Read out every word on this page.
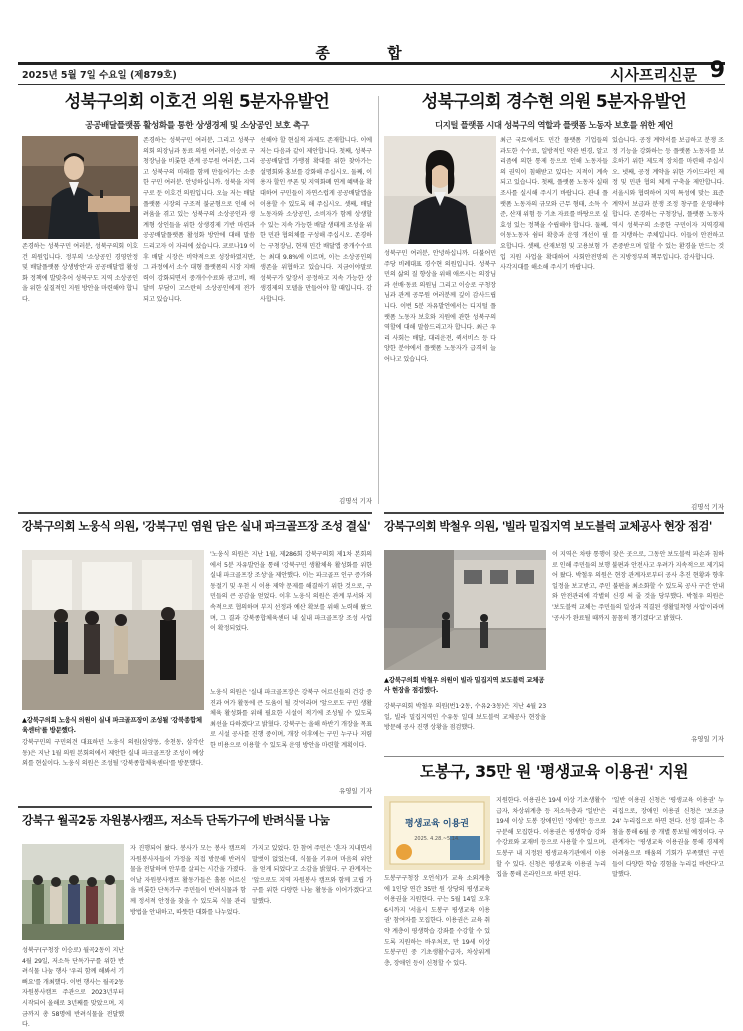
종 합
2025년 5월 7일 수요일 (제879호)	시사프리신문 9
성북구의회 이호건 의원 5분자유발언
공공배달플랫폼 활성화를 통한 상생경제 및 소상공인 보호 촉구
존경하는 성북구민 여러분, 성북구의회 이호건 의원입니다. 정부의 '소상공인 경영안정 및 배달플랫폼 상생방안'과 공공배달앱 활성화 정책에 발맞추어 성북구도 지역 소상공인을 위한 실질적인 지원 방안을 마련해야 합니다.
존경하는 성북구민 여러분, 그리고 성북구의회 의장님과 동료 의원 여러분, 이승로 구청장님을 비롯한 관계 공무원 여러분, 그리고 성북구의 미래를 함께 만들어가는 소중한 구민 여러분. 안녕하십니까. 성북을 지역구로 둔 이호건 의원입니다. 오늘 저는 배달플랫폼 시장의 구조적 불균형으로 인해 어려움을 겪고 있는 성북구의 소상공인과 생계형 상인들을 위한 상생경제 기반 마련과 공공배달플랫폼 활성화 방안에 대해 말씀드리고자 이 자리에 섰습니다. 코로나19 이후 배달 시장은 비약적으로 성장하였지만, 그 과정에서 소수 대형 플랫폼의 시장 지배력이 강화되면서 중개수수료와 광고비, 배달비 부담이 고스란히 소상공인에게 전가되고 있습니다.
선해야 할 현실적 과제도 존재합니다. 이에 저는 다음과 같이 제안합니다. 첫째, 성북구 공공배달앱 가맹점 확대를 위한 찾아가는 설명회와 홍보를 강화해 주십시오. 둘째, 이용자 할인 쿠폰 및 지역화폐 연계 혜택을 확대하여 구민들이 자연스럽게 공공배달앱을 이용할 수 있도록 해 주십시오. 셋째, 배달 노동자와 소상공인, 소비자가 함께 상생할 수 있는 지속 가능한 배달 생태계 조성을 위한 민관 협의체를 구성해 주십시오. 존경하는 구청장님, 현재 민간 배달앱 중개수수료는 최대 9.8%에 이르며, 이는 소상공인의 생존을 위협하고 있습니다. 지금이야말로 성북구가 앞장서 공정하고 지속 가능한 상생경제의 모델을 만들어야 할 때입니다. 감사합니다.
김명석 기자
성북구의회 경수현 의원 5분자유발언
디지털 플랫폼 시대 성북구의 역할과 플랫폼 노동자 보호를 위한 제언
성북구민 여러분, 안녕하십니까. 더불어민주당 비례대표 경수현 의원입니다. 성북구민의 삶의 질 향상을 위해 애쓰시는 의장님과 선배·동료 의원님 그리고 이승로 구청장님과 관계 공무원 여러분께 깊이 감사드립니다. 이번 5분 자유발언에서는 디지털 플랫폼 노동자 보호와 지원에 관한 성북구의 역할에 대해 말씀드리고자 합니다. 최근 우리 사회는 배달, 대리운전, 퀵서비스 등 다양한 분야에서 플랫폼 노동자가 급격히 늘어나고 있습니다.
최근 국토에서도 민간 플랫폼 기업들의 과도한 수수료, 일방적인 약관 변경, 알고리즘에 의한 통제 등으로 인해 노동자들의 권익이 침해받고 있다는 지적이 계속되고 있습니다. 첫째, 플랫폼 노동자 실태조사를 실시해 주시기 바랍니다. 관내 플랫폼 노동자의 규모와 근무 형태, 소득 수준, 산재 위험 등 기초 자료를 바탕으로 실효성 있는 정책을 수립해야 합니다. 둘째, 이동노동자 쉼터 확충과 운영 개선이 필요합니다. 셋째, 산재보험 및 고용보험 가입 지원 사업을 확대하여 사회안전망의 사각지대를 해소해 주시기 바랍니다.
있습니다. 공정 계약서를 보급하고 분쟁 조정 기능을 강화하는 등 플랫폼 노동자를 보호하기 위한 제도적 장치를 마련해 주십시오. 넷째, 공정 계약을 위한 가이드라인 제정 및 민관 협의 체계 구축을 제안합니다. 서울시와 협력하여 지역 특성에 맞는 표준계약서 보급과 분쟁 조정 창구를 운영해야 합니다. 존경하는 구청장님, 플랫폼 노동자 역시 성북구의 소중한 구민이자 지역경제를 지탱하는 주체입니다. 이들이 안전하고 존중받으며 일할 수 있는 환경을 만드는 것은 지방정부의 책무입니다. 감사합니다.
김명석 기자
강북구의회 노웅식 의원, '강북구민 염원 담은 실내 파크골프장 조성 결실'
▲강북구의회 노웅식 의원이 실내 파크골프장이 조성될 '강북종합체육센터'를 방문했다.
강북구민의 구민의견 대표하던 노웅식 의원(삼양동, 송천동, 삼각산동)은 지난 1월 의원 본회의에서 제안한 실내 파크골프장 조성이 예상외를 현실이다. 노웅식 의원은 조성될 '강북종합체육센터'를 방문했다.
'노웅식 의원은 지난 1월, 제286회 강북구의회 제1차 본회의에서 5분 자유발언을 통해 '강북구민 생활체육 활성화를 위한 실내 파크골프장 조성'을 제안했다. 이는 파크골프 인구 증가와 동절기 및 우천 시 이용 제약 문제를 해결하기 위한 것으로, 구민들의 큰 공감을 얻었다. 이후 노웅식 의원은 관계 부서와 지속적으로 협의하며 부지 선정과 예산 확보를 위해 노력해 왔으며, 그 결과 강북종합체육센터 내 실내 파크골프장 조성 사업이 확정되었다.
노웅식 의원은 '실내 파크골프장은 강북구 어르신들의 건강 증진과 여가 활동에 큰 도움이 될 것'이라며 '앞으로도 구민 생활체육 활성화를 위해 필요한 시설이 적기에 조성될 수 있도록 최선을 다하겠다'고 밝혔다. 강북구는 올해 하반기 개장을 목표로 시설 공사를 진행 중이며, 개장 이후에는 구민 누구나 저렴한 비용으로 이용할 수 있도록 운영 방안을 마련할 계획이다.
유영일 기자
강북구의회 박철우 의원, '빌라 밀집지역 보도블럭 교체공사 현장 점검'
▲강북구의회 박철우 의원이 빌라 밀집지역 보도블럭 교체공사 현장을 점검했다.
강북구의회 박철우 의원(번1·2동, 수유2·3동)은 지난 4월 23일, 빌라 밀집지역인 수유동 일대 보도블럭 교체공사 현장을 방문해 공사 진행 상황을 점검했다.
이 지역은 차량 통행이 잦은 곳으로, 그동안 보도블럭 파손과 침하로 인해 주민들의 보행 불편과 안전사고 우려가 지속적으로 제기되어 왔다. 박철우 의원은 현장 관계자로부터 공사 추진 현황과 향후 일정을 보고받고, 주민 불편을 최소화할 수 있도록 공사 구간 안내와 안전관리에 각별히 신경 써 줄 것을 당부했다. 박철우 의원은 '보도블럭 교체는 주민들의 일상과 직결된 생활밀착형 사업'이라며 '공사가 완료될 때까지 꼼꼼히 챙기겠다'고 밝혔다.
유영일 기자
도봉구, 35만 원 '평생교육 이용권' 지원
평생교육 이용권
2025. 4.28.~5.14.
도봉구구청장 오언석)가 교육 소외계층에 1인당 연간 35만 원 상당의 평생교육 이용권을 지원한다. 구는 5월 14일 오후 6시까지 '서울시 도봉구 평생교육 이용권' 참여자를 모집한다. 이용권은 교육 취약 계층이 평생학습 강좌를 수강할 수 있도록 지원하는 바우처로, 만 19세 이상 도봉구민 중 기초생활수급자, 차상위계층, 장애인 등이 신청할 수 있다.
지원한다. 이용권은 19세 이상 기초생활수급자, 차상위계층 등 저소득층과 '일반'은 19세 이상 도봉 장애인인 '장애인' 등으로 구분해 모집한다. 이용권은 평생학습 강좌 수강료와 교재비 등으로 사용할 수 있으며, 도봉구 내 지정된 평생교육기관에서 이용할 수 있다. 신청은 평생교육 이용권 누리집을 통해 온라인으로 하면 된다.
'일반 이용권 신청은 '평생교육 이용권' 누리집으로, 장애인 이용권 신청은 '보조금 24' 누리집으로 하면 된다. 선정 결과는 추첨을 통해 6월 중 개별 통보될 예정이다. 구 관계자는 '평생교육 이용권을 통해 경제적 어려움으로 배움의 기회가 부족했던 구민들이 다양한 학습 경험을 누리길 바란다'고 말했다.
강북구 월곡2동 자원봉사캠프, 저소득 단독가구에 반려식물 나눔
성북구(구청장 이승로) 월곡2동이 지난 4월 29일, 저소득 단독가구를 위한 반려식물 나눔 행사 '우리 함께 해봐서 기뻐요'를 개최했다. 이번 행사는 월곡2동 자원봉사캠프 주관으로 2023년부터 시작되어 올해로 3년째를 맞았으며, 지금까지 총 58명에 반려식물을 전달했다.
자 진행되어 왔다. 봉사가 모는 봉사 캠프의 자원봉사자들이 가정을 직접 방문해 반려식물을 전달하며 안부를 살피는 시간을 가졌다. 이날 자원봉사캠프 활동가들은 홀몸 어르신을 비롯한 단독가구 주민들이 반려식물과 함께 정서적 안정을 찾을 수 있도록 식물 관리 방법을 안내하고, 따뜻한 대화를 나누었다.
가지고 있었다. 한 참여 주민은 '혼자 지내면서 말벗이 없었는데, 식물을 키우며 마음의 위안을 얻게 되었다'고 소감을 밝혔다. 구 관계자는 '앞으로도 지역 자원봉사 캠프와 함께 고립 가구를 위한 다양한 나눔 활동을 이어가겠다'고 말했다.
